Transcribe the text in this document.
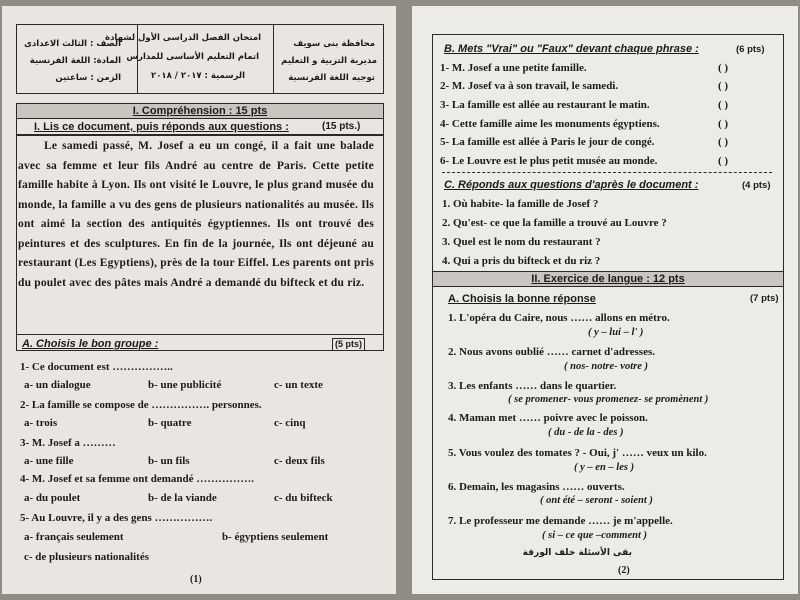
الصف : الثالث الاعدادى
المادة: اللغة الفرنسية
الزمن : ساعتين
امتحان الفصل الدراسى الأول لشهادة
اتمام التعليم الأساسى للمدارس
الرسمية : ٢٠١٧ / ٢٠١٨
محافظة بنى سويف
مديرية التربية و التعليم
توجيه اللغة الفرنسية
I. Compréhension : 15 pts
I. Lis ce document, puis réponds aux questions :	(15 pts.)
Le samedi passé, M. Josef a eu un congé, il a fait une balade avec sa femme et leur fils André au centre de Paris. Cette petite famille habite à Lyon. Ils ont visité le Louvre, le plus grand musée du monde, la famille a vu des gens de plusieurs nationalités au musée. Ils ont aimé la section des antiquités égyptiennes. Ils ont trouvé des peintures et des sculptures. En fin de la journée, Ils ont déjeuné au restaurant (Les Egyptiens), près de la tour Eiffel. Les parents ont pris du poulet avec des pâtes mais André a demandé du bifteck et du riz.
A. Choisis le bon groupe :	(5 pts)
1- Ce document est ……………..
a- un dialogue	b- une publicité	c- un texte
2- La famille se compose de ……………. personnes.
a- trois	b- quatre	c- cinq
3- M. Josef a ………
a- une fille	b- un fils	c- deux fils
4- M. Josef et sa femme ont demandé …………….
a- du poulet	b- de la viande	c- du bifteck
5- Au Louvre, il y a des gens …………….
a- français seulement	b- égyptiens seulement
c- de plusieurs nationalités
(1)
B. Mets "Vrai" ou "Faux" devant chaque phrase :	(6 pts)
1- M. Josef a une petite famille.	( )
2- M. Josef va à son travail, le samedi.	( )
3- La famille est allée au restaurant le matin.	( )
4- Cette famille aime les monuments égyptiens.	( )
5- La famille est allée à Paris le jour de congé.	( )
6- Le Louvre est le plus petit musée au monde.	( )
C. Réponds aux questions d'après le document :	(4 pts)
1. Où habite- la famille de Josef ?
2. Qu'est- ce que la famille a trouvé au Louvre ?
3. Quel est le nom du restaurant ?
4. Qui a pris du bifteck et du riz ?
II. Exercice de langue : 12 pts
A. Choisis la bonne réponse	(7 pts)
1. L'opéra du Caire, nous …… allons en métro.
( y – lui – l' )
2. Nous avons oublié …… carnet d'adresses.
( nos- notre- votre )
3. Les enfants …… dans le quartier.
( se promener- vous promenez- se promènent )
4. Maman met …… poivre avec le poisson.
( du - de la - des )
5. Vous voulez des tomates ? - Oui, j' …… veux un kilo.
( y – en – les )
6. Demain, les magasins …… ouverts.
( ont été – seront - soient )
7. Le professeur me demande …… je m'appelle.
( si – ce que –comment )
بقى الأسئلة خلف الورقة
(2)
